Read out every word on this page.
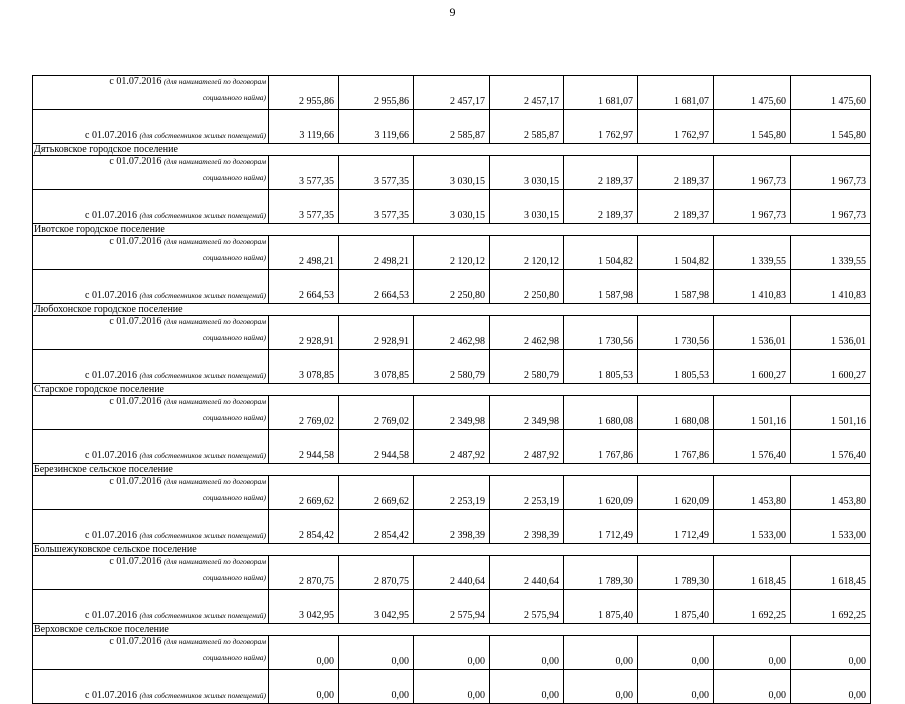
9
с 01.07.2016 (для нанимателей по договорам
социального найма)	2 955,86	2 955,86	2 457,17	2 457,17	1 681,07	1 681,07	1 475,60	1 475,60

с 01.07.2016 (для собственников жилых помещений)	3 119,66	3 119,66	2 585,87	2 585,87	1 762,97	1 762,97	1 545,80	1 545,80
Дятьковское городское поселение								

с 01.07.2016 (для нанимателей по договорам
социального найма)	3 577,35	3 577,35	3 030,15	3 030,15	2 189,37	2 189,37	1 967,73	1 967,73

с 01.07.2016 (для собственников жилых помещений)	3 577,35	3 577,35	3 030,15	3 030,15	2 189,37	2 189,37	1 967,73	1 967,73
Ивотское городское поселение								

с 01.07.2016 (для нанимателей по договорам
социального найма)	2 498,21	2 498,21	2 120,12	2 120,12	1 504,82	1 504,82	1 339,55	1 339,55

с 01.07.2016 (для собственников жилых помещений)	2 664,53	2 664,53	2 250,80	2 250,80	1 587,98	1 587,98	1 410,83	1 410,83
Любохонское городское поселение								

с 01.07.2016 (для нанимателей по договорам
социального найма)	2 928,91	2 928,91	2 462,98	2 462,98	1 730,56	1 730,56	1 536,01	1 536,01

с 01.07.2016 (для собственников жилых помещений)	3 078,85	3 078,85	2 580,79	2 580,79	1 805,53	1 805,53	1 600,27	1 600,27
Старское городское поселение								

с 01.07.2016 (для нанимателей по договорам
социального найма)	2 769,02	2 769,02	2 349,98	2 349,98	1 680,08	1 680,08	1 501,16	1 501,16

с 01.07.2016 (для собственников жилых помещений)	2 944,58	2 944,58	2 487,92	2 487,92	1 767,86	1 767,86	1 576,40	1 576,40
Березинское сельское поселение								

с 01.07.2016 (для нанимателей по договорам
социального найма)	2 669,62	2 669,62	2 253,19	2 253,19	1 620,09	1 620,09	1 453,80	1 453,80

с 01.07.2016 (для собственников жилых помещений)	2 854,42	2 854,42	2 398,39	2 398,39	1 712,49	1 712,49	1 533,00	1 533,00
Большежуковское сельское поселение								

с 01.07.2016 (для нанимателей по договорам
социального найма)	2 870,75	2 870,75	2 440,64	2 440,64	1 789,30	1 789,30	1 618,45	1 618,45

с 01.07.2016 (для собственников жилых помещений)	3 042,95	3 042,95	2 575,94	2 575,94	1 875,40	1 875,40	1 692,25	1 692,25
Верховское сельское поселение								

с 01.07.2016 (для нанимателей по договорам
социального найма)	0,00	0,00	0,00	0,00	0,00	0,00	0,00	0,00

с 01.07.2016 (для собственников жилых помещений)	0,00	0,00	0,00	0,00	0,00	0,00	0,00	0,00
